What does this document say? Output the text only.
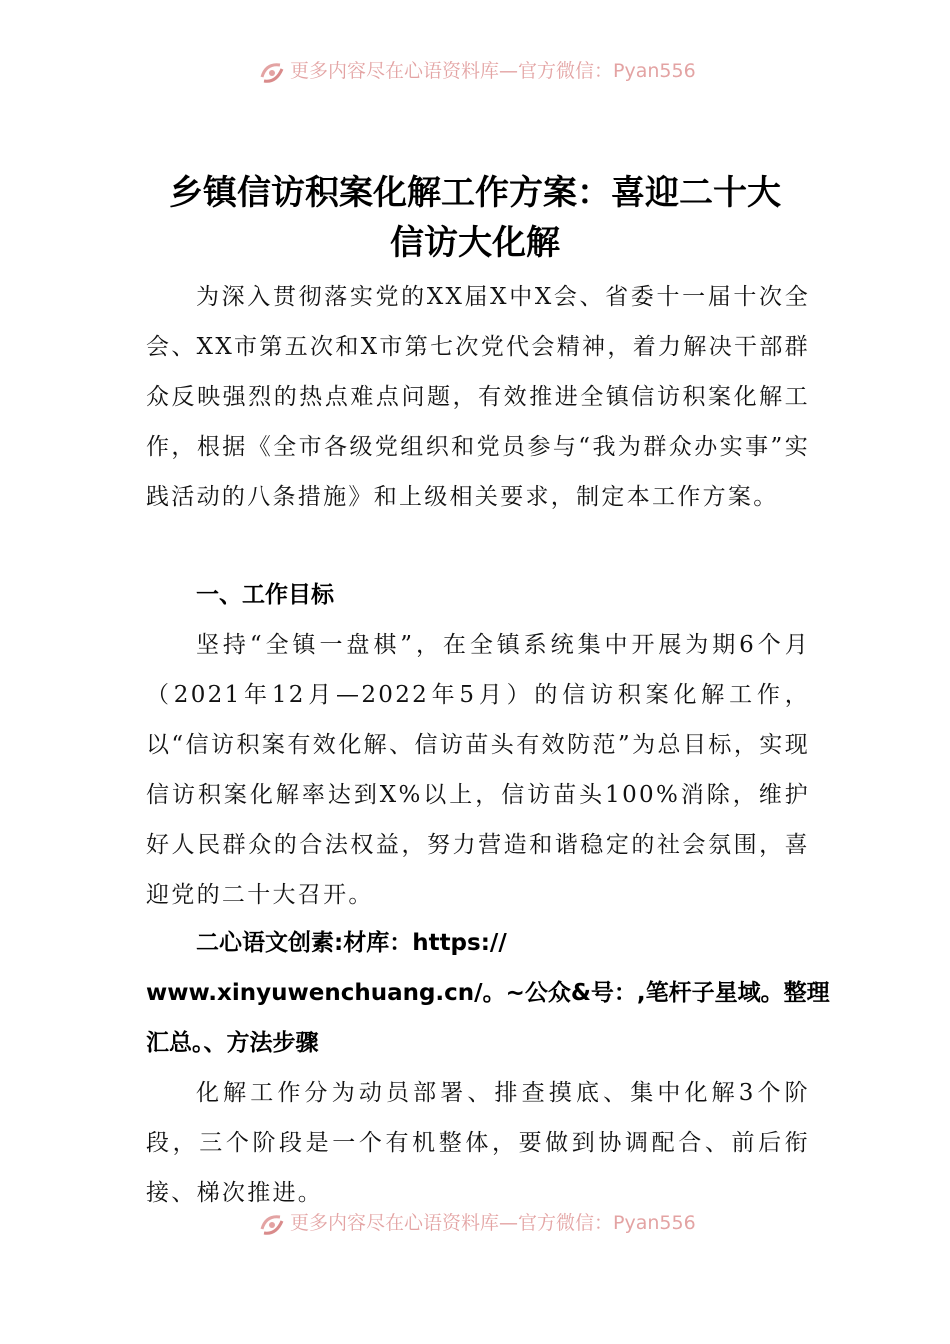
更多内容尽在心语资料库—官方微信：Pyan556
乡镇信访积案化解工作方案：喜迎二十大
信访大化解
为深入贯彻落实党的XX届X中X会、省委十一届十次全会、XX市第五次和X市第七次党代会精神，着力解决干部群众反映强烈的热点难点问题，有效推进全镇信访积案化解工作，根据《全市各级党组织和党员参与“我为群众办实事”实践活动的八条措施》和上级相关要求，制定本工作方案。
一、工作目标
坚持“全镇一盘棋”，在全镇系统集中开展为期6个月（2021年12月—2022年5月）的信访积案化解工作，以“信访积案有效化解、信访苗头有效防范”为总目标，实现信访积案化解率达到X%以上，信访苗头100%消除，维护好人民群众的合法权益，努力营造和谐稳定的社会氛围，喜迎党的二十大召开。
二心语文创素:材库：https://
www.xinyuwenchuang.cn/。~公众&号：,笔杆子星域。整理
汇总。、方法步骤
化解工作分为动员部署、排查摸底、集中化解3个阶段，三个阶段是一个有机整体，要做到协调配合、前后衔接、梯次推进。
更多内容尽在心语资料库—官方微信：Pyan556
